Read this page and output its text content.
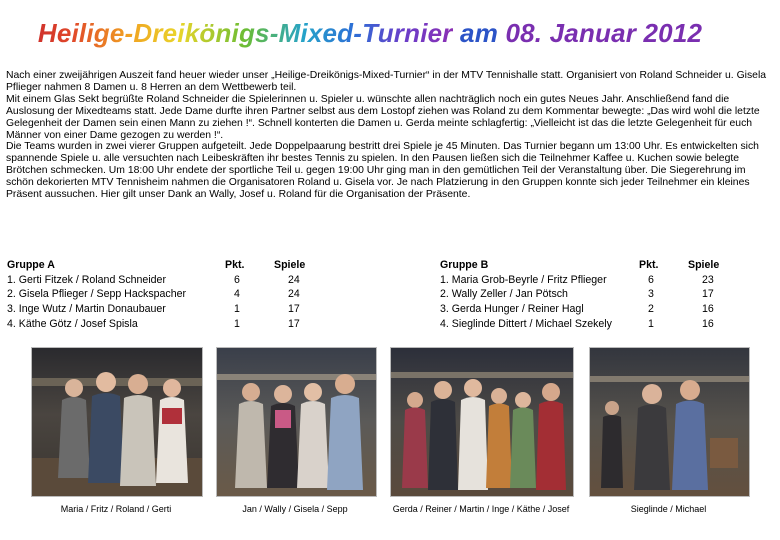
Heilige-Dreikönigs-Mixed-Turnier am 08. Januar 2012

Nach einer zweijährigen Auszeit fand heuer wieder unser „Heilige-Dreikönigs-Mixed-Turnier“ in der MTV Tennishalle statt. Organisiert von Roland Schneider u. Gisela Pflieger nahmen 8 Damen u. 8 Herren an dem Wettbewerb teil.

Mit einem Glas Sekt begrüßte Roland Schneider die Spielerinnen u. Spieler u. wünschte allen nachträglich noch ein gutes Neues Jahr. Anschließend fand die Auslosung der Mixedteams statt. Jede Dame durfte ihren Partner selbst aus dem Lostopf ziehen was Roland zu dem Kommentar bewegte: „Das wird wohl die letzte Gelegenheit der Damen sein einen Mann zu ziehen !“. Schnell konterten die Damen u. Gerda meinte schlagfertig: „Vielleicht ist das die letzte Gelegenheit für euch Männer von einer Dame gezogen zu werden !“.

Die Teams wurden in zwei vierer Gruppen aufgeteilt. Jede Doppelpaarung bestritt drei Spiele je 45 Minuten. Das Turnier begann um 13:00 Uhr. Es entwickelten sich spannende Spiele u. alle versuchten nach Leibeskräften ihr bestes Tennis zu spielen. In den Pausen ließen sich die Teilnehmer Kaffee u. Kuchen sowie belegte Brötchen schmecken. Um 18:00 Uhr endete der sportliche Teil u. gegen 19:00 Uhr ging man in den gemütlichen Teil der Veranstaltung über. Die Siegerehrung im schön dekorierten MTV Tennisheim nahmen die Organisatoren Roland u. Gisela vor. Je nach Platzierung in den Gruppen konnte sich jeder Teilnehmer ein kleines Präsent aussuchen. Hier gilt unser Dank an Wally, Josef u. Roland für die Organisation der Präsente.

Gruppe A	Pkt.	Spiele
1. Gerti Fitzek / Roland Schneider	6	24
2. Gisela Pflieger / Sepp Hackspacher	4	24
3. Inge Wutz / Martin Donaubauer	1	17
4. Käthe Götz / Josef Spisla	1	17
Gruppe B	Pkt.	Spiele
1. Maria Grob-Beyrle / Fritz Pflieger	6	23
2. Wally Zeller / Jan Pötsch	3	17
3. Gerda Hunger / Reiner Hagl	2	16
4. Sieglinde Dittert / Michael Szekely	1	16
Maria / Fritz / Roland / Gerti	Jan / Wally / Gisela / Sepp	Gerda / Reiner / Martin / Inge / Käthe / Josef	Sieglinde / Michael
